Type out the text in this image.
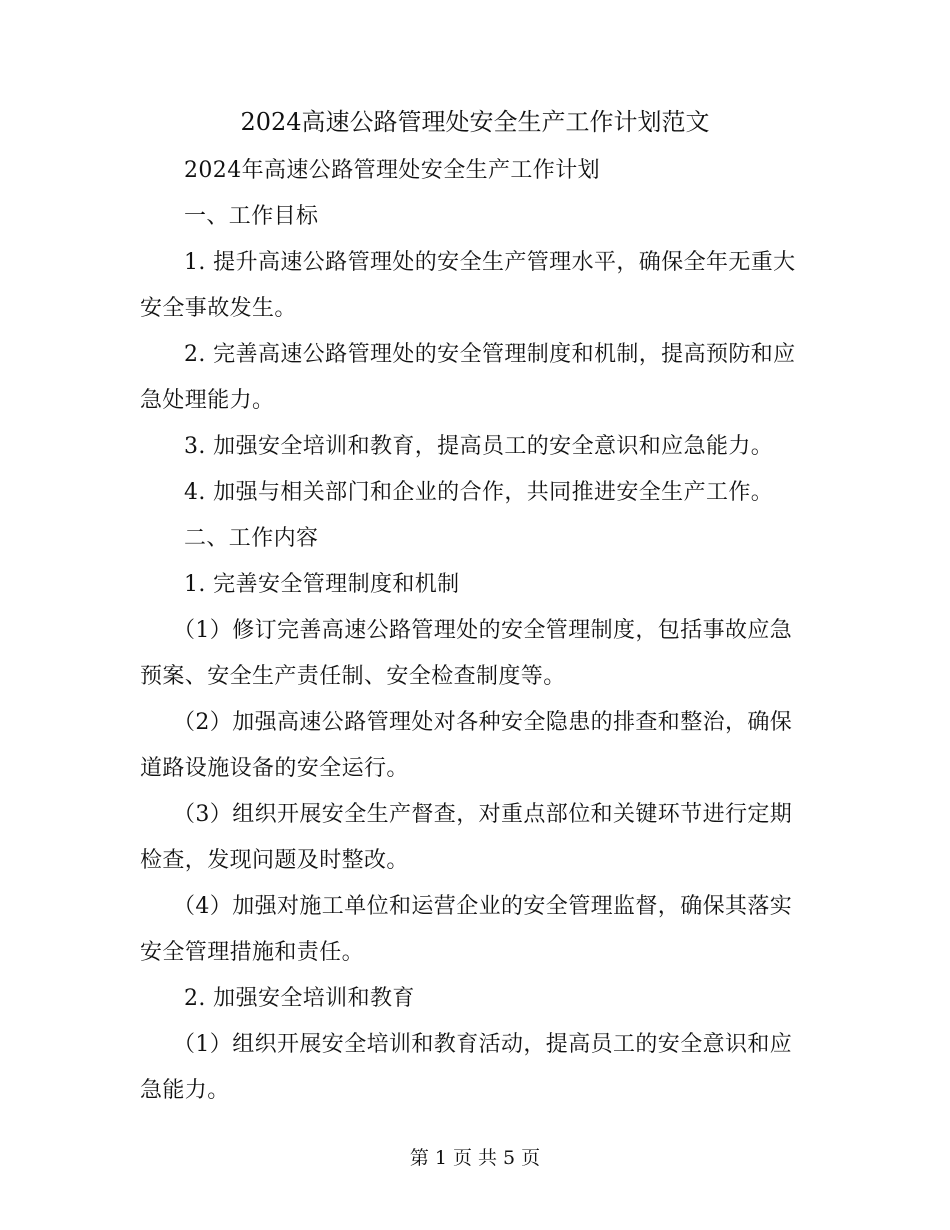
2024高速公路管理处安全生产工作计划范文

2024年高速公路管理处安全生产工作计划

一、工作目标

1. 提升高速公路管理处的安全生产管理水平，确保全年无重大安全事故发生。

2. 完善高速公路管理处的安全管理制度和机制，提高预防和应急处理能力。

3. 加强安全培训和教育，提高员工的安全意识和应急能力。

4. 加强与相关部门和企业的合作，共同推进安全生产工作。

二、工作内容

1. 完善安全管理制度和机制

（1）修订完善高速公路管理处的安全管理制度，包括事故应急预案、安全生产责任制、安全检查制度等。

（2）加强高速公路管理处对各种安全隐患的排查和整治，确保道路设施设备的安全运行。

（3）组织开展安全生产督查，对重点部位和关键环节进行定期检查，发现问题及时整改。

（4）加强对施工单位和运营企业的安全管理监督，确保其落实安全管理措施和责任。

2. 加强安全培训和教育

（1）组织开展安全培训和教育活动，提高员工的安全意识和应急能力。

第 1 页 共 5 页
